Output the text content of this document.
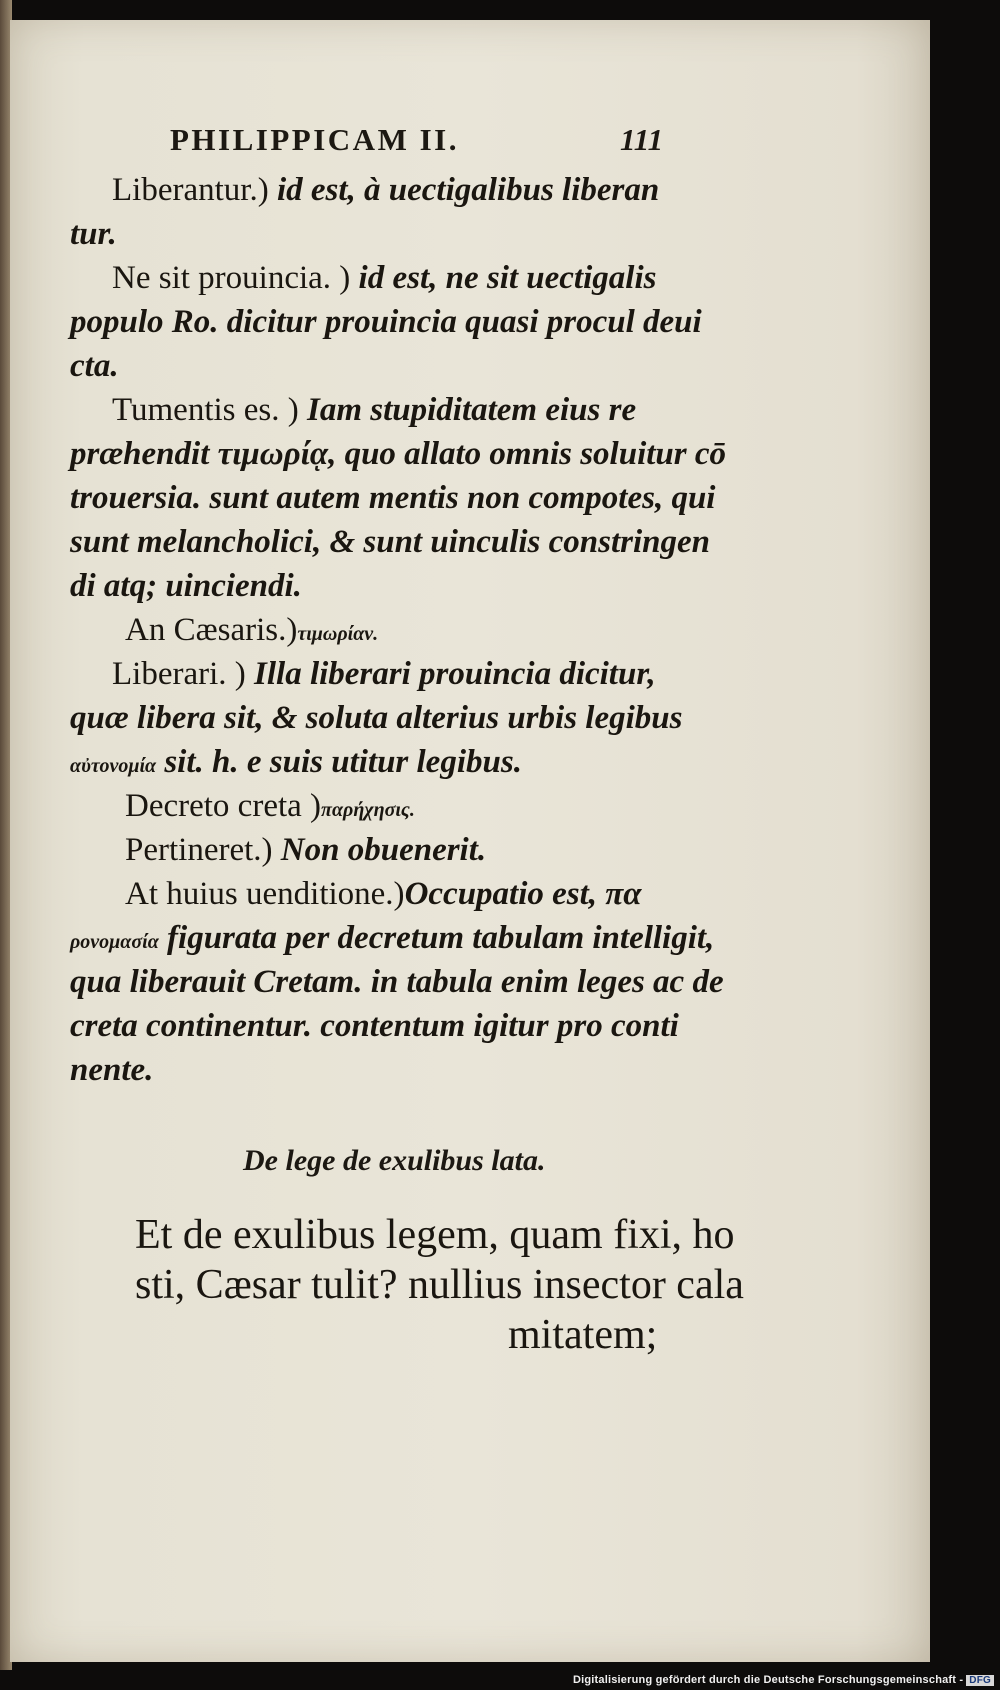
PHILIPPICAM II.	111
Liberantur.) id est, à uectigalibus liberan
tur.
Ne sit prouincia. ) id est, ne sit uectigalis
populo Ro. dicitur prouincia quasi procul deui
cta.
Tumentis es. ) Iam stupiditatem eius re
præhendit τιμωρίᾳ, quo allato omnis soluitur cō
trouersia. sunt autem mentis non compotes, qui
sunt melancholici, & sunt uinculis constringen
di atq; uinciendi.
An Cæsaris.)τιμωρίαν.
Liberari. ) Illa liberari prouincia dicitur,
quæ libera sit, & soluta alterius urbis legibus
αὐτονομία sit. h. e suis utitur legibus.
Decreto creta )παρήχησις.
Pertineret.) Non obuenerit.
At huius uenditione.)Occupatio est, πα
ρονομασία figurata per decretum tabulam intelligit,
qua liberauit Cretam. in tabula enim leges ac de
creta continentur. contentum igitur pro conti
nente.
De lege de exulibus lata.
Et de exulibus legem, quam fixi, ho
sti, Cæsar tulit? nullius insector cala
mitatem;
Digitalisierung gefördert durch die Deutsche Forschungsgemeinschaft - DFG
